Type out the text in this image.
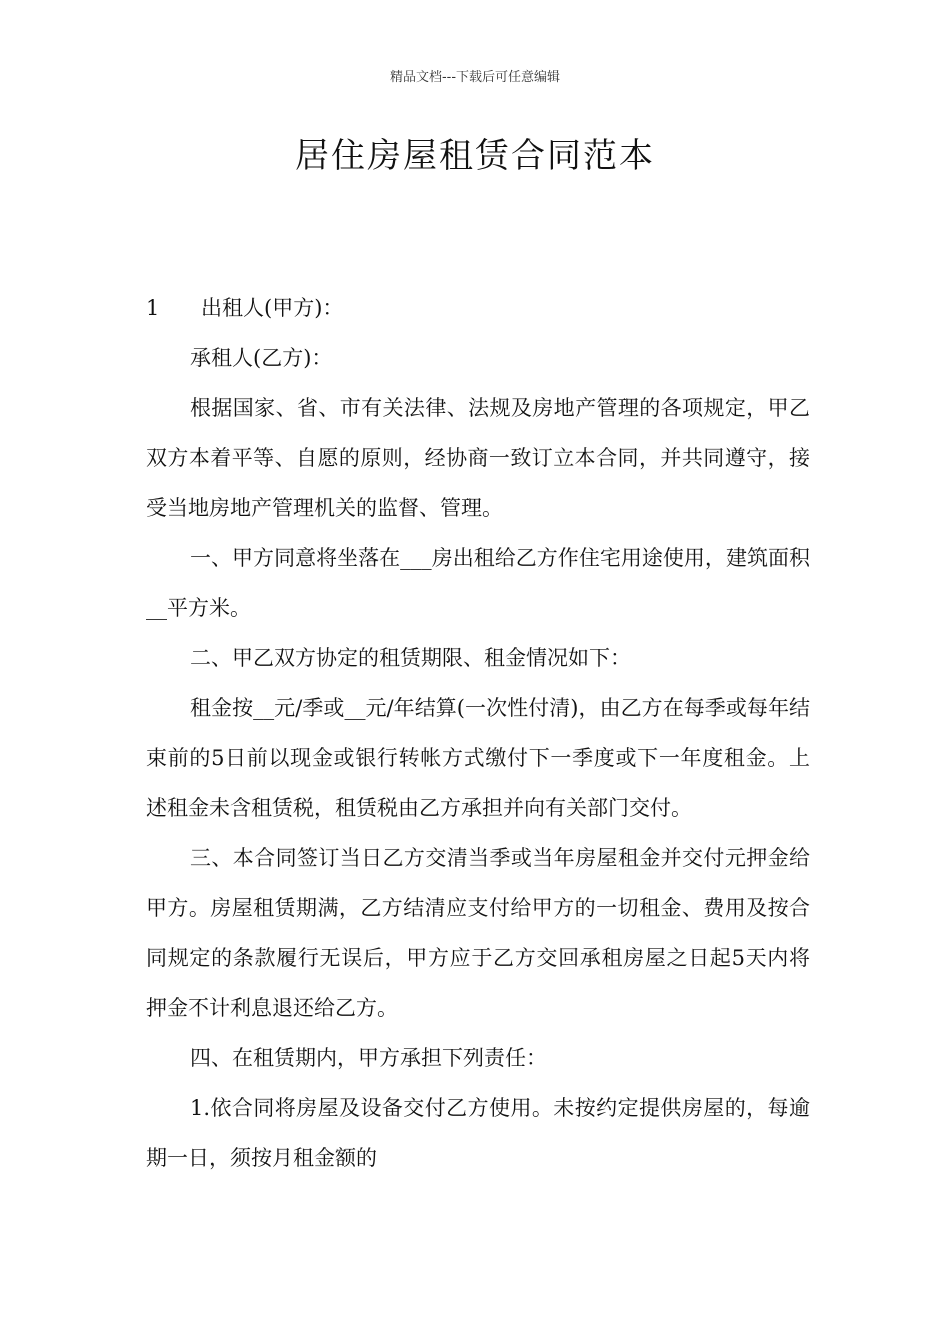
精品文档---下载后可任意编辑
居住房屋租赁合同范本

1 出租人(甲方)：

承租人(乙方)：

根据国家、省、市有关法律、法规及房地产管理的各项规定，甲乙双方本着平等、自愿的原则，经协商一致订立本合同，并共同遵守，接受当地房地产管理机关的监督、管理。

一、甲方同意将坐落在___房出租给乙方作住宅用途使用，建筑面积__平方米。

二、甲乙双方协定的租赁期限、租金情况如下：

租金按__元/季或__元/年结算(一次性付清)，由乙方在每季或每年结束前的5日前以现金或银行转帐方式缴付下一季度或下一年度租金。上述租金未含租赁税，租赁税由乙方承担并向有关部门交付。

三、本合同签订当日乙方交清当季或当年房屋租金并交付元押金给甲方。房屋租赁期满，乙方结清应支付给甲方的一切租金、费用及按合同规定的条款履行无误后，甲方应于乙方交回承租房屋之日起5天内将押金不计利息退还给乙方。

四、在租赁期内，甲方承担下列责任：

1.依合同将房屋及设备交付乙方使用。未按约定提供房屋的，每逾期一日，须按月租金额的
